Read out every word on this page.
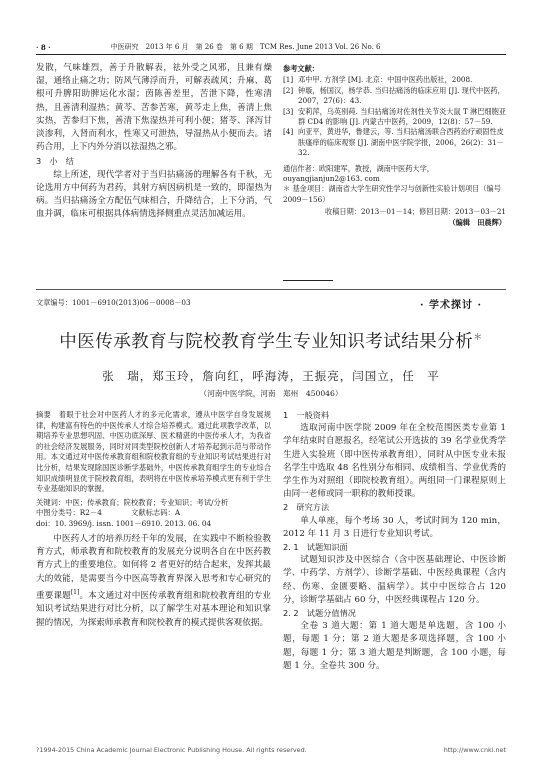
· 8 ·	中医研究　2013 年 6 月　第 26 卷　第 6 期　TCM Res. June 2013 Vol. 26 No. 6

发散，气味雄烈，善于升散解表，祛外受之风邪，且兼有燥湿，通络止痛之功；防风气薄浮而升，可解表疏风；升麻、葛根可升脾阳助脾运化水湿；茵陈善差里，苦泄下降，性寒清热，且善清利湿热；黄芩、苦参苦寒，黄芩走上焦，善清上焦实热，苦参归下焦，善清下焦湿热并可利小便；猪苓、泽泻甘淡渗利，入肾而利水，性寒又可泄热，导湿热从小便而去。诸药合用，上下内外分消以祛湿热之邪。

3　小　结

综上所述，现代学者对于当归拈痛汤的理解各有千秋，无论选用方中何药为君药，其射方病因病机是一致的，即湿热为病。当归拈痛汤全方配伍气味相合，升降结合，上下分消，气血并调，临床可根据具体病情选择侧重点灵活加减运用。

参考文献：
[1] 邓中甲. 方剂学 [M]. 北京：中国中医药出版社，2008.
[2] 钟璇，杨国汉，杨学恭. 当归拈痛汤的临床应用 [J]. 现代中医药，2007，27(6)：43.
[3] 安莉萍，乌英别莼. 当归拈痛汤对佐剂性关节炎大鼠 T 淋巴细胞亚群 CD4 的影响 [J]. 内蒙古中医药，2009，12(8)：57－59.
[4] 向亚平，黄进华，鲁建云，等. 当归拈痛汤联合西药治疗顽固性皮肤瘙痒的临床观察 [J]. 湖南中医学院学报，2006，26(2)：31－32.
通信作者：欧阳建军，教授，湖南中医药大学，ouyangjianjun2@163. com
＊ 基金项目：湖南省大学生研究性学习与创新性实验计划项目（编号 2009－156）
收稿日期：2013－01－14；修回日期：2013－03－21
（编辑　田晨辉）
文章编号：1001－6910(2013)06－0008－03	· 学术探讨 ·
中医传承教育与院校教育学生专业知识考试结果分析＊
张　瑞，郑玉玲，詹向红，呼海涛，王振亮，闫国立，任　平
（河南中医学院，河南　郑州　450046）

摘要　着眼于社会对中医药人才的多元化需求，遵从中医学自身发展规律，构建富有特色的中医传承人才综合培养模式。通过此项教学改革，以期培养专业思想巩固、中医功底深厚、医术精湛的中医传承人才，为我省的社会经济发展服务，同时对同类型院校创新人才培养起到示范与带动作用。本文通过对中医传承教育组和院校教育组的专业知识考试结果进行对比分析，结果发现除国医诊断学基础外，中医传承教育组学生的专业综合知识成绩明显优于院校教育组，表明将在中医传承培养模式更有利于学生专业基础知识的掌握。

关键词：中医；传承教育；院校教育；专业知识；考试/分析

中图分类号：R2－4　　　　文献标志码：A

doi：10. 3969/j. issn. 1001－6910. 2013. 06. 04

中医药人才的培养历经千年的发展，在实践中不断检验教育方式，师承教育和院校教育的发展充分说明各自在中医药教育方式上的重要地位。如何将 2 者更好的结合起来，发挥其最大的效能，是需要当今中医高等教育界深入思考和专心研究的重要课题[1]。本文通过对中医传承教育组和院校教育组的专业知识考试结果进行对比分析，以了解学生对基本理论和知识掌握的情况，为探索师承教育和院校教育的模式提供客观依据。

1　一般资料

选取河南中医学院 2009 年在全校范围医类专业第 1 学年结束时自愿报名，经笔试公开选拔的 39 名学业优秀学生进入实验班（即中医传承教育组），同时从中医专业未报名学生中选取 48 名性别分布相同、成绩相当、学业优秀的学生作为对照组（即院校教育组）。两组同一门课程原则上由同一老师或同一职称的教师授课。

2　研究方法

单人单座，每个考场 30 人，考试时间为 120 min，2012 年 11 月 3 日进行专业知识考试。

2. 1　试题知识面

试题知识涉及中医综合（含中医基础理论、中医诊断学、中药学、方剂学）、诊断学基础、中医经典课程（含内经、伤寒、金匮要略、温病学）。其中中医综合占 120 分，诊断学基础占 60 分，中医经典课程占 120 分。

2. 2　试题分值情况

全卷 3 道大题：第 1 道大题是单选题，含 100 小题，每题 1 分；第 2 道大题是多项选择题，含 100 小题，每题 1 分；第 3 道大题是判断题，含 100 小题，每题 1 分。全卷共 300 分。

?1994-2015 China Academic Journal Electronic Publishing House. All rights reserved.	http://www.cnki.net
